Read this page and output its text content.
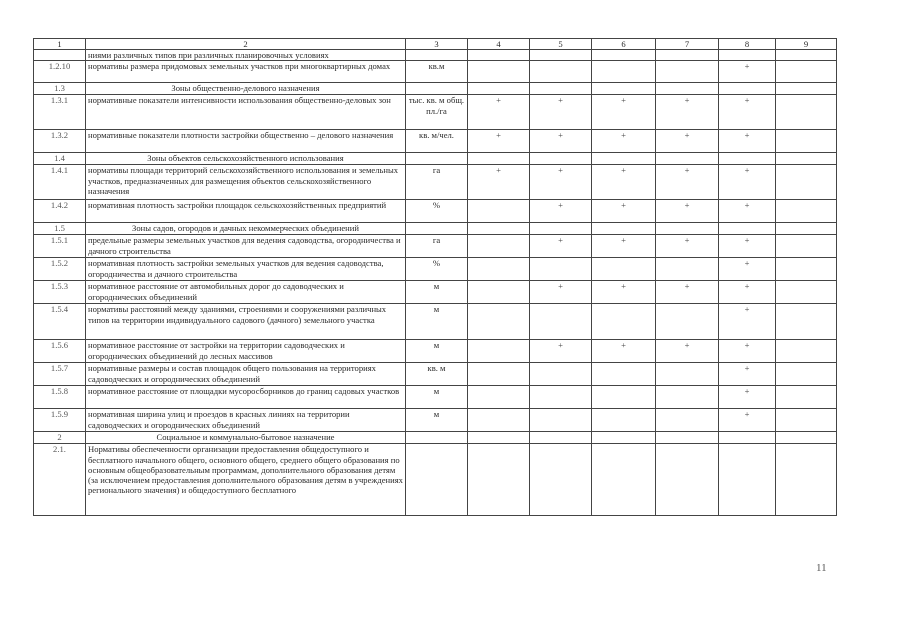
1	2	3	4	5	6	7	8	9
	ниями различных типов при различных планировочных условиях							
1.2.10	нормативы размера придомовых земельных участков при многоквартирных домах	кв.м					+	
1.3	Зоны общественно-делового назначения							
1.3.1	нормативные показатели интенсивности использования общественно-деловых зон	тыс. кв. м общ. пл./га	+	+	+	+	+	
1.3.2	нормативные показатели плотности застройки общественно – делового назначения	кв. м/чел.	+	+	+	+	+	
1.4	Зоны объектов сельскохозяйственного использования							
1.4.1	нормативы площади территорий сельскохозяйственного использования и земельных участков, предназначенных для размещения объектов сельскохозяйственного назначения	га	+	+	+	+	+	
1.4.2	нормативная плотность застройки площадок сельскохозяйственных предприятий	%		+	+	+	+	
1.5	Зоны садов, огородов и дачных некоммерческих объединений							
1.5.1	предельные размеры земельных участков для ведения садоводства, огородничества и дачного строительства	га		+	+	+	+	
1.5.2	нормативная плотность застройки земельных участков для ведения садоводства, огородничества и дачного строительства	%					+	
1.5.3	нормативное расстояние от автомобильных дорог до садоводческих и огороднических объединений	м		+	+	+	+	
1.5.4	нормативы расстояний между зданиями, строениями и сооружениями различных типов на территории индивидуального садового (дачного) земельного участка	м					+	
1.5.6	нормативное расстояние от застройки на территории садоводческих и огороднических объединений до лесных массивов	м		+	+	+	+	
1.5.7	нормативные размеры и состав площадок общего пользования на территориях садоводческих и огороднических объединений	кв. м					+	
1.5.8	нормативное расстояние от площадки мусоросборников до границ садовых участков	м					+	
1.5.9	нормативная ширина улиц и проездов в красных линиях на территории садоводческих и огороднических объединений	м					+	
2	Социальное и коммунально-бытовое назначение							
2.1.	Нормативы обеспеченности организации предоставления общедоступного и бесплатного начального общего, основного общего, среднего общего образования по основным общеобразовательным программам, дополнительного образования детям (за исключением предоставления дополнительного образования детям в учреждениях регионального значения) и общедоступного бесплатного							
11
